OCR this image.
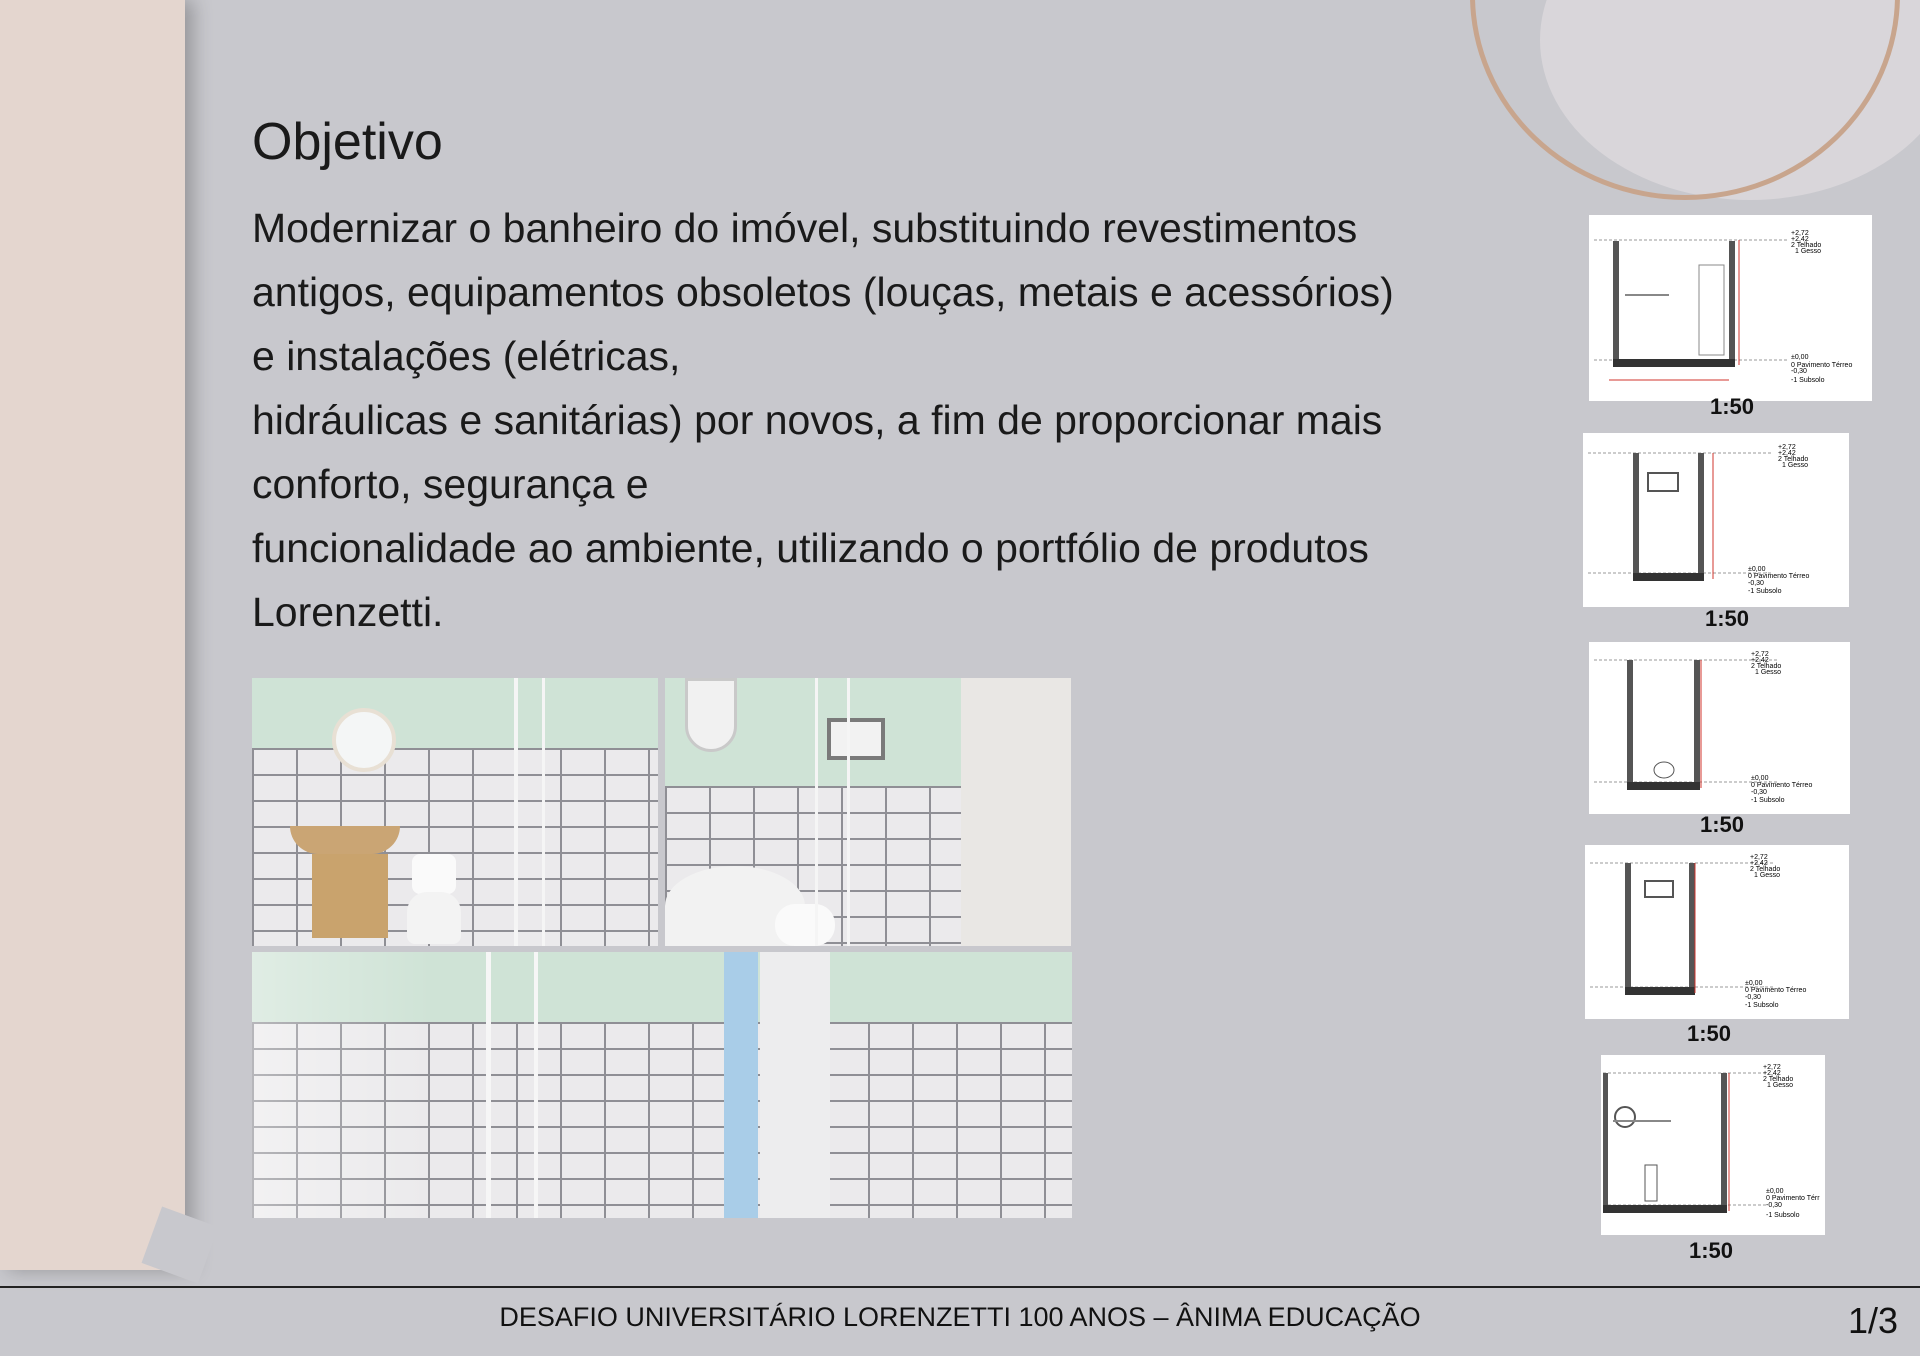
Objetivo

Modernizar o banheiro do imóvel, substituindo revestimentos
antigos, equipamentos obsoletos (louças, metais e acessórios)
e instalações (elétricas,
hidráulicas e sanitárias) por novos, a fim de proporcionar mais
conforto, segurança e
funcionalidade ao ambiente, utilizando o portfólio de produtos
Lorenzetti.

+2,72
+2,42
2 Telhado
1 Gesso
±0,00
-0,30
0 Pavimento Térreo
-1 Subsolo
1:50
+2,72
+2,42
2 Telhado
1 Gesso
±0,00
-0,30
0 Pavimento Térreo
-1 Subsolo
1:50
+2,72
+2,42
2 Telhado
1 Gesso
±0,00
-0,30
0 Pavimento Térreo
-1 Subsolo
1:50
+2,72
+2,42
2 Telhado
1 Gesso
±0,00
-0,30
0 Pavimento Térreo
-1 Subsolo
1:50
+2,72
+2,42
2 Telhado
1 Gesso
±0,00
-0,30
0 Pavimento Térr
-1 Subsolo
1:50
DESAFIO UNIVERSITÁRIO LORENZETTI 100 ANOS – ÂNIMA EDUCAÇÃO	1/3
